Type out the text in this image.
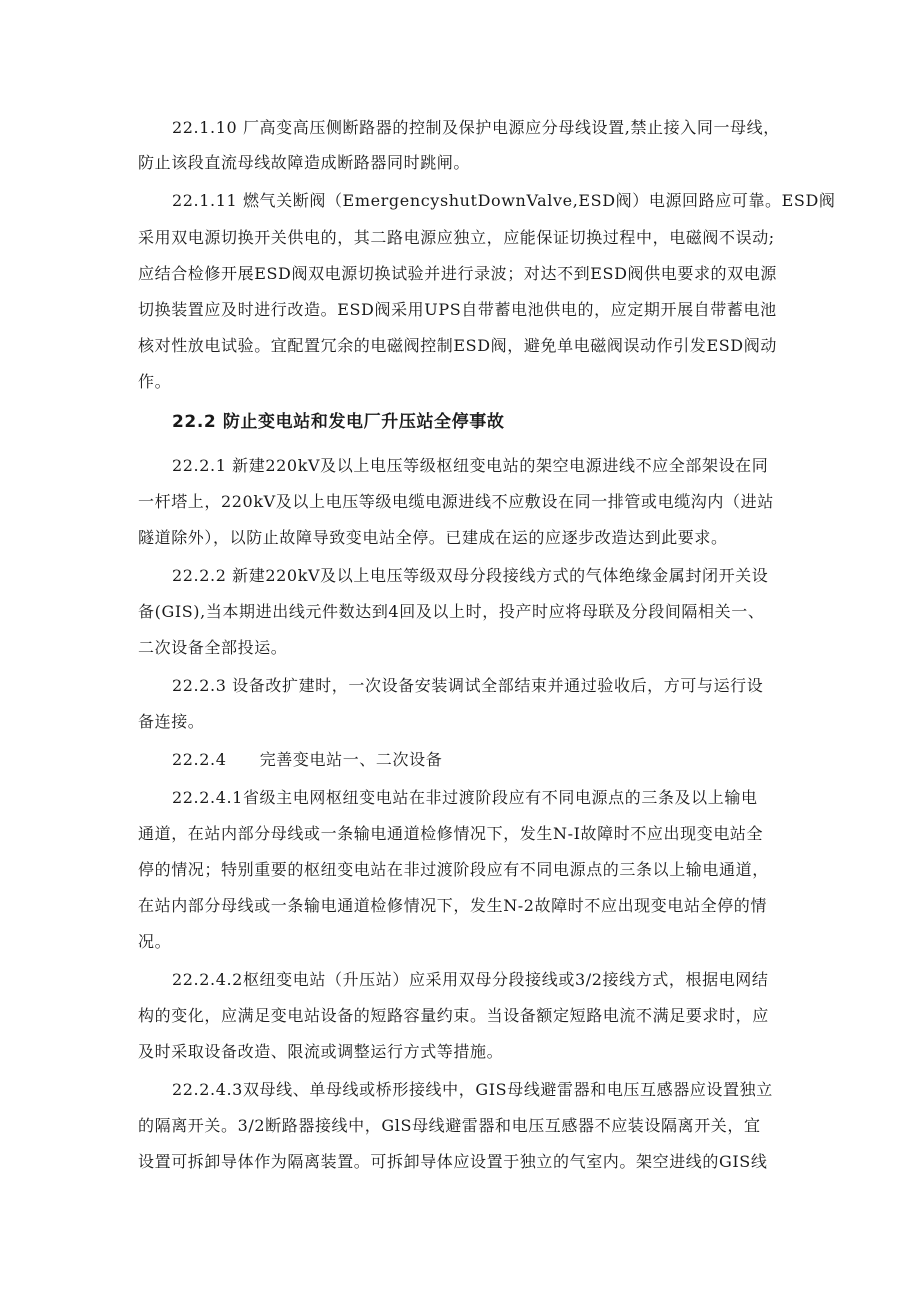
22.1.10 厂高变高压侧断路器的控制及保护电源应分母线设置,禁止接入同一母线，
防止该段直流母线故障造成断路器同时跳闸。
22.1.11 燃气关断阀（EmergencyshutDownValve,ESD阀）电源回路应可靠。ESD阀
采用双电源切换开关供电的，其二路电源应独立，应能保证切换过程中，电磁阀不误动;
应结合检修开展ESD阀双电源切换试验并进行录波；对达不到ESD阀供电要求的双电源
切换装置应及时进行改造。ESD阀采用UPS自带蓄电池供电的，应定期开展自带蓄电池
核对性放电试验。宜配置冗余的电磁阀控制ESD阀，避免单电磁阀误动作引发ESD阀动
作。
22.2 防止变电站和发电厂升压站全停事故
22.2.1 新建220kV及以上电压等级枢纽变电站的架空电源进线不应全部架设在同
一杆塔上，220kV及以上电压等级电缆电源进线不应敷设在同一排管或电缆沟内（进站
隧道除外），以防止故障导致变电站全停。已建成在运的应逐步改造达到此要求。
22.2.2 新建220kV及以上电压等级双母分段接线方式的气体绝缘金属封闭开关设
备(GIS),当本期进出线元件数达到4回及以上时，投产时应将母联及分段间隔相关一、
二次设备全部投运。
22.2.3 设备改扩建时，一次设备安装调试全部结束并通过验收后，方可与运行设
备连接。
22.2.4　　完善变电站一、二次设备
22.2.4.1省级主电网枢纽变电站在非过渡阶段应有不同电源点的三条及以上输电
通道，在站内部分母线或一条输电通道检修情况下，发生N-I故障时不应出现变电站全
停的情况；特别重要的枢纽变电站在非过渡阶段应有不同电源点的三条以上输电通道，
在站内部分母线或一条输电通道检修情况下，发生N-2故障时不应出现变电站全停的情
况。
22.2.4.2枢纽变电站（升压站）应采用双母分段接线或3/2接线方式，根据电网结
构的变化，应满足变电站设备的短路容量约束。当设备额定短路电流不满足要求时，应
及时采取设备改造、限流或调整运行方式等措施。
22.2.4.3双母线、单母线或桥形接线中，GIS母线避雷器和电压互感器应设置独立
的隔离开关。3/2断路器接线中，GlS母线避雷器和电压互感器不应装设隔离开关，宜
设置可拆卸导体作为隔离装置。可拆卸导体应设置于独立的气室内。架空进线的GIS线
